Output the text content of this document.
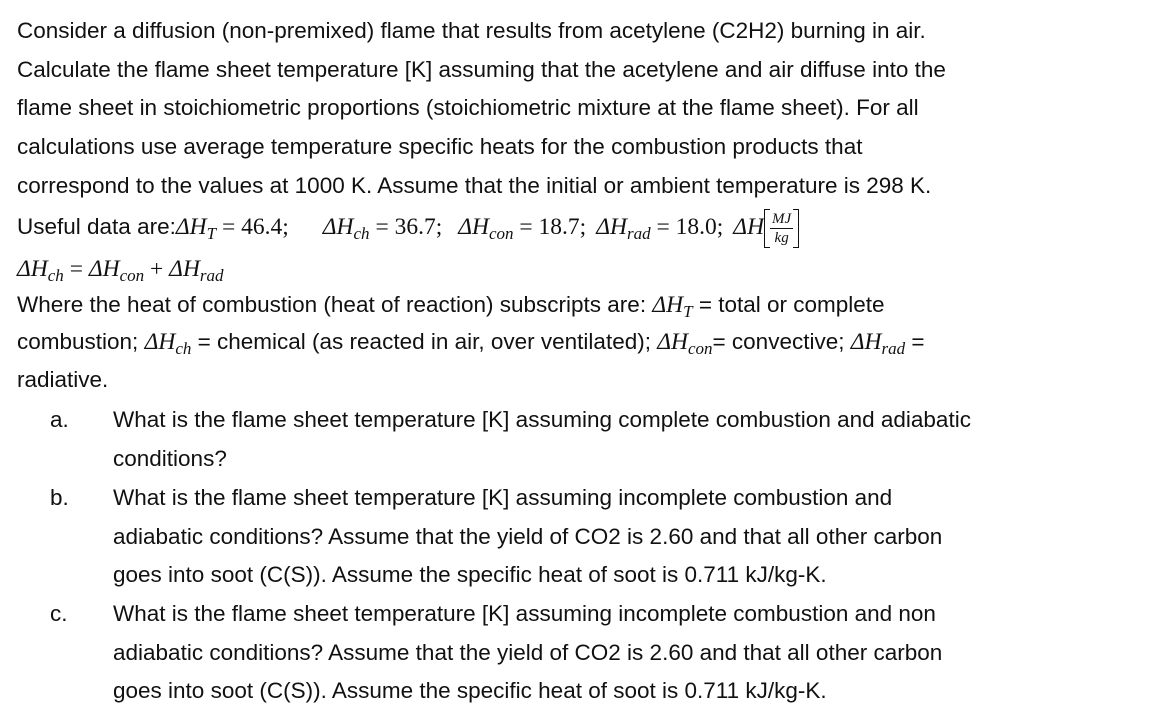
Consider a diffusion (non-premixed) flame that results from acetylene (C2H2) burning in air.
Calculate the flame sheet temperature [K] assuming that the acetylene and air diffuse into the
flame sheet in stoichiometric proportions (stoichiometric mixture at the flame sheet). For all
calculations use average temperature specific heats for the combustion products that
correspond to the values at 1000 K. Assume that the initial or ambient temperature is 298 K.
Useful data $are:\Delta H_T = 46.4$; $\Delta H_{ch} = 36.7$; $\Delta H_{con} = 18.7$; $\Delta H_{rad} = 18.0$; ΔH $\frac{MJ}{kg}$
$\Delta H_{ch} = \Delta H_{con} + \Delta H_{rad}$
Where the heat of combustion (heat of reaction) subscripts are: $\Delta H_T$ = total or complete
combustion; $\Delta H_{ch}$ = chemical (as reacted in air, over ventilated); $\Delta H_{con}=$ convective; $\Delta H_{rad}$ =
radiative.
a.	What is the flame sheet temperature [K] assuming complete combustion and adiabatic
conditions?
b.	What is the flame sheet temperature [K] assuming incomplete combustion and
adiabatic conditions? Assume that the yield of CO2 is 2.60 and that all other carbon
goes into soot (C(S)). Assume the specific heat of soot is 0.711 kJ/kg-K.
c.	What is the flame sheet temperature [K] assuming incomplete combustion and non
adiabatic conditions? Assume that the yield of CO2 is 2.60 and that all other carbon
goes into soot (C(S)). Assume the specific heat of soot is 0.711 kJ/kg-K.
